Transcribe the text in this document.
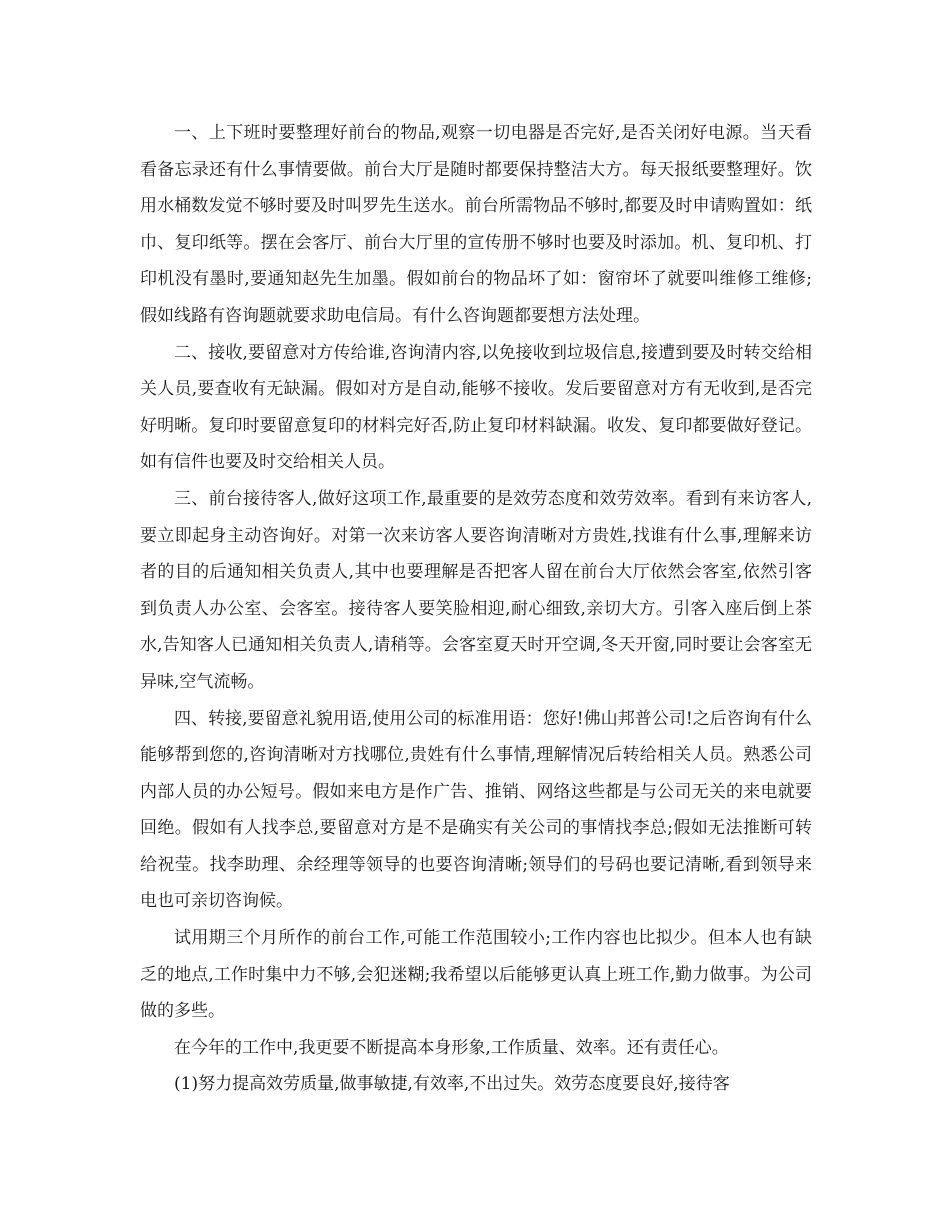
一、上下班时要整理好前台的物品,观察一切电器是否完好,是否关闭好电源。当天看看备忘录还有什么事情要做。前台大厅是随时都要保持整洁大方。每天报纸要整理好。饮用水桶数发觉不够时要及时叫罗先生送水。前台所需物品不够时,都要及时申请购置如：纸巾、复印纸等。摆在会客厅、前台大厅里的宣传册不够时也要及时添加。机、复印机、打印机没有墨时,要通知赵先生加墨。假如前台的物品坏了如：窗帘坏了就要叫维修工维修;假如线路有咨询题就要求助电信局。有什么咨询题都要想方法处理。

二、接收,要留意对方传给谁,咨询清内容,以免接收到垃圾信息,接遭到要及时转交给相关人员,要查收有无缺漏。假如对方是自动,能够不接收。发后要留意对方有无收到,是否完好明晰。复印时要留意复印的材料完好否,防止复印材料缺漏。收发、复印都要做好登记。如有信件也要及时交给相关人员。

三、前台接待客人,做好这项工作,最重要的是效劳态度和效劳效率。看到有来访客人,要立即起身主动咨询好。对第一次来访客人要咨询清晰对方贵姓,找谁有什么事,理解来访者的目的后通知相关负责人,其中也要理解是否把客人留在前台大厅依然会客室,依然引客到负责人办公室、会客室。接待客人要笑脸相迎,耐心细致,亲切大方。引客入座后倒上茶水,告知客人已通知相关负责人,请稍等。会客室夏天时开空调,冬天开窗,同时要让会客室无异味,空气流畅。

四、转接,要留意礼貌用语,使用公司的标准用语：您好!佛山邦普公司!之后咨询有什么能够帮到您的,咨询清晰对方找哪位,贵姓有什么事情,理解情况后转给相关人员。熟悉公司内部人员的办公短号。假如来电方是作广告、推销、网络这些都是与公司无关的来电就要回绝。假如有人找李总,要留意对方是不是确实有关公司的事情找李总;假如无法推断可转给祝莹。找李助理、余经理等领导的也要咨询清晰;领导们的号码也要记清晰,看到领导来电也可亲切咨询候。

试用期三个月所作的前台工作,可能工作范围较小;工作内容也比拟少。但本人也有缺乏的地点,工作时集中力不够,会犯迷糊;我希望以后能够更认真上班工作,勤力做事。为公司做的多些。

在今年的工作中,我更要不断提高本身形象,工作质量、效率。还有责任心。

(1)努力提高效劳质量,做事敏捷,有效率,不出过失。效劳态度要良好,接待客
